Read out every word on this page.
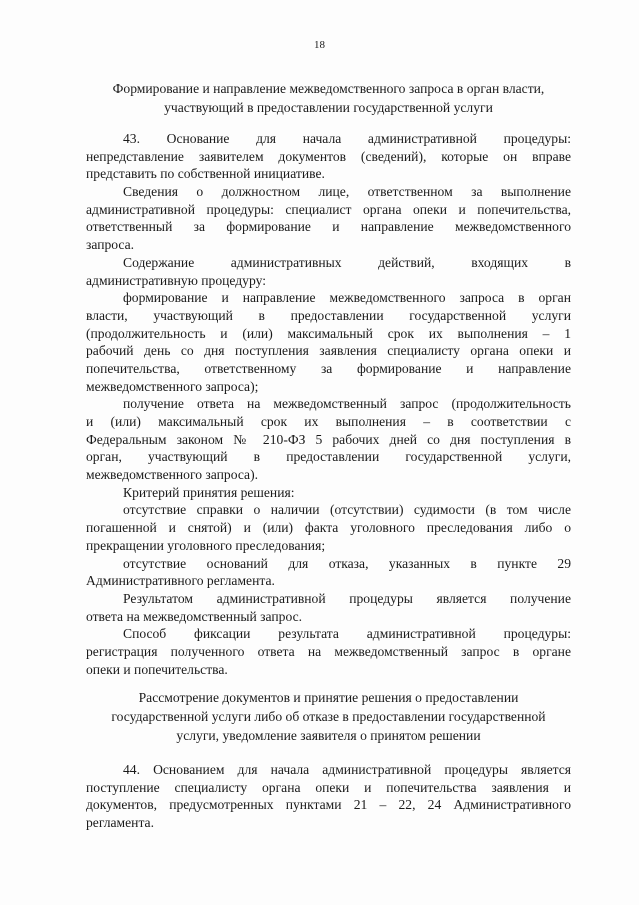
18
Формирование и направление межведомственного запроса в орган власти,
участвующий в предоставлении государственной услуги
43. Основание для начала административной процедуры:
непредставление заявителем документов (сведений), которые он вправе
представить по собственной инициативе.
Сведения о должностном лице, ответственном за выполнение
административной процедуры: специалист органа опеки и попечительства,
ответственный за формирование и направление межведомственного
запроса.
Содержание административных действий, входящих в
административную процедуру:
формирование и направление межведомственного запроса в орган
власти, участвующий в предоставлении государственной услуги
(продолжительность и (или) максимальный срок их выполнения – 1
рабочий день со дня поступления заявления специалисту органа опеки и
попечительства, ответственному за формирование и направление
межведомственного запроса);
получение ответа на межведомственный запрос (продолжительность
и (или) максимальный срок их выполнения – в соответствии с
Федеральным законом № 210-ФЗ 5 рабочих дней со дня поступления в
орган, участвующий в предоставлении государственной услуги,
межведомственного запроса).
Критерий принятия решения:
отсутствие справки о наличии (отсутствии) судимости (в том числе
погашенной и снятой) и (или) факта уголовного преследования либо о
прекращении уголовного преследования;
отсутствие оснований для отказа, указанных в пункте 29
Административного регламента.
Результатом административной процедуры является получение
ответа на межведомственный запрос.
Способ фиксации результата административной процедуры:
регистрация полученного ответа на межведомственный запрос в органе
опеки и попечительства.
Рассмотрение документов и принятие решения о предоставлении
государственной услуги либо об отказе в предоставлении государственной
услуги, уведомление заявителя о принятом решении
44. Основанием для начала административной процедуры является
поступление специалисту органа опеки и попечительства заявления и
документов, предусмотренных пунктами 21 – 22, 24 Административного
регламента.
